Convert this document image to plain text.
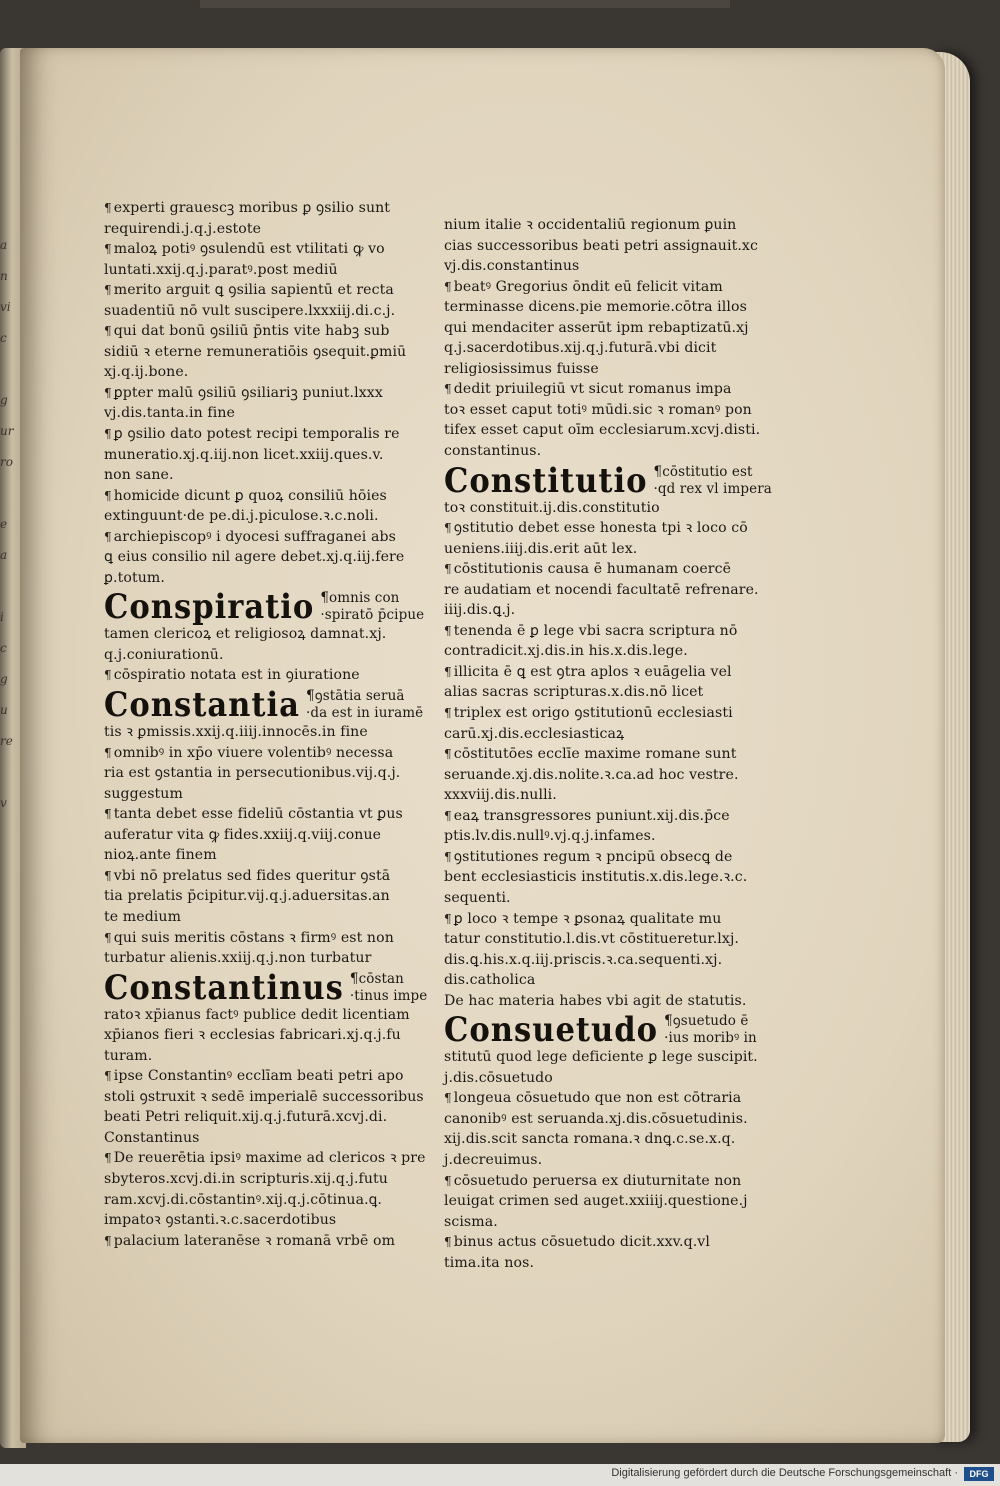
a
n
vi
c
g
ur
ro
e
a
i
c
g
u
re
v
¶ experti grauescꝫ moribus ꝑ ꝯsilio sunt
requirendi.j.q.j.estote
¶ maloꝝ potiꝰ ꝯsulendū est vtilitati ꝙ vo
luntati.xxij.q.j.paratꝰ.post mediū
¶ merito arguit ꝗ ꝯsilia sapientū et recta
suadentiū nō vult suscipere.lxxxiij.di.c.j.
¶ qui dat bonū ꝯsiliū p̄ntis vite habꝫ sub
sidiū ꝛ eterne remuneratiōis ꝯsequit.ꝑmiū
xj.q.ij.bone.
¶ ꝑpter malū ꝯsiliū ꝯsiliariꝫ puniut.lxxx
vj.dis.tanta.in fine
¶ ꝑ ꝯsilio dato potest recipi temporalis re
muneratio.xj.q.iij.non licet.xxiij.ques.v.
non sane.
¶ homicide dicunt ꝑ quoꝝ consiliū hōies
extinguunt·de pe.di.j.piculose.ꝛ.c.noli.
¶ archiepiscopꝰ i dyocesi suffraganei abs
ꝗ eius consilio nil agere debet.xj.q.iij.fere
ꝑ.totum.
Conspiratio ¶omnis con
·spiratō p̄cipue
tamen clericoꝝ et religiosoꝝ damnat.xj.
q.j.coniurationū.
¶ cōspiratio notata est in ꝯiuratione
Constantia ¶ꝯstātia seruā
·da est in iuramē
tis ꝛ ꝑmissis.xxij.q.iiij.innocēs.in fine
¶ omnibꝰ in xp̄o viuere volentibꝰ necessa
ria est ꝯstantia in persecutionibus.vij.q.j.
suggestum
¶ tanta debet esse fideliū cōstantia vt ꝑus
auferatur vita ꝙ fides.xxiij.q.viij.conue
nioꝝ.ante finem
¶ vbi nō prelatus sed fides queritur ꝯstā
tia prelatis p̄cipitur.vij.q.j.aduersitas.an
te medium
¶ qui suis meritis cōstans ꝛ firmꝰ est non
turbatur alienis.xxiij.q.j.non turbatur
Constantinus ¶cōstan
·tinus impe
ratoꝛ xp̄ianus factꝰ publice dedit licentiam
xp̄ianos fieri ꝛ ecclesias fabricari.xj.q.j.fu
turam.
¶ ipse Constantinꝰ ecclīam beati petri apo
stoli ꝯstruxit ꝛ sedē imperialē successoribus
beati Petri reliquit.xij.q.j.futurā.xcvj.di.
Constantinus
¶ De reuerētia ipsiꝰ maxime ad clericos ꝛ pre
sbyteros.xcvj.di.in scripturis.xij.q.j.futu
ram.xcvj.di.cōstantinꝰ.xij.q.j.cōtinua.ꝗ.
impatoꝛ ꝯstanti.ꝛ.c.sacerdotibus
¶ palacium lateranēse ꝛ romanā vrbē om
nium italie ꝛ occidentaliū regionum ꝑuin
cias successoribus beati petri assignauit.xc
vj.dis.constantinus
¶ beatꝰ Gregorius ōndit eū felicit vitam
terminasse dicens.pie memorie.cōtra illos
qui mendaciter asserūt ipm rebaptizatū.xj
q.j.sacerdotibus.xij.q.j.futurā.vbi dicit
religiosissimus fuisse
¶ dedit priuilegiū vt sicut romanus impa
toꝛ esset caput totiꝰ mūdi.sic ꝛ romanꝰ pon
tifex esset caput oīm ecclesiarum.xcvj.disti.
constantinus.
Constitutio ¶cōstitutio est
·qd rex vl impera
toꝛ constituit.ij.dis.constitutio
¶ ꝯstitutio debet esse honesta tpi ꝛ loco cō
ueniens.iiij.dis.erit aūt lex.
¶ cōstitutionis causa ē humanam coercē
re audatiam et nocendi facultatē refrenare.
iiij.dis.ꝗ.j.
¶ tenenda ē ꝑ lege vbi sacra scriptura nō
contradicit.xj.dis.in his.x.dis.lege.
¶ illicita ē ꝗ est ꝯtra aplos ꝛ euāgelia vel
alias sacras scripturas.x.dis.nō licet
¶ triplex est origo ꝯstitutionū ecclesiasti
carū.xj.dis.ecclesiasticaꝝ
¶ cōstitutōes ecclīe maxime romane sunt
seruande.xj.dis.nolite.ꝛ.ca.ad hoc vestre.
xxxviij.dis.nulli.
¶ eaꝝ transgressores puniunt.xij.dis.p̄ce
ptis.lv.dis.nullꝰ.vj.q.j.infames.
¶ ꝯstitutiones regum ꝛ pncipū obsecꝗ de
bent ecclesiasticis institutis.x.dis.lege.ꝛ.c.
sequenti.
¶ ꝑ loco ꝛ tempe ꝛ ꝑsonaꝝ qualitate mu
tatur constitutio.l.dis.vt cōstitueretur.lxj.
dis.ꝗ.his.x.q.iij.priscis.ꝛ.ca.sequenti.xj.
dis.catholica
De hac materia habes vbi agit de statutis.
Consuetudo ¶ꝯsuetudo ē
·ius moribꝰ in
stitutū quod lege deficiente ꝑ lege suscipit.
j.dis.cōsuetudo
¶ longeua cōsuetudo que non est cōtraria
canonibꝰ est seruanda.xj.dis.cōsuetudinis.
xij.dis.scit sancta romana.ꝛ dnꝗ.c.se.x.q.
j.decreuimus.
¶ cōsuetudo peruersa ex diuturnitate non
leuigat crimen sed auget.xxiiij.questione.j
scisma.
¶ binus actus cōsuetudo dicit.xxv.q.vl
tima.ita nos.
Digitalisierung gefördert durch die Deutsche Forschungsgemeinschaft ·	DFG
